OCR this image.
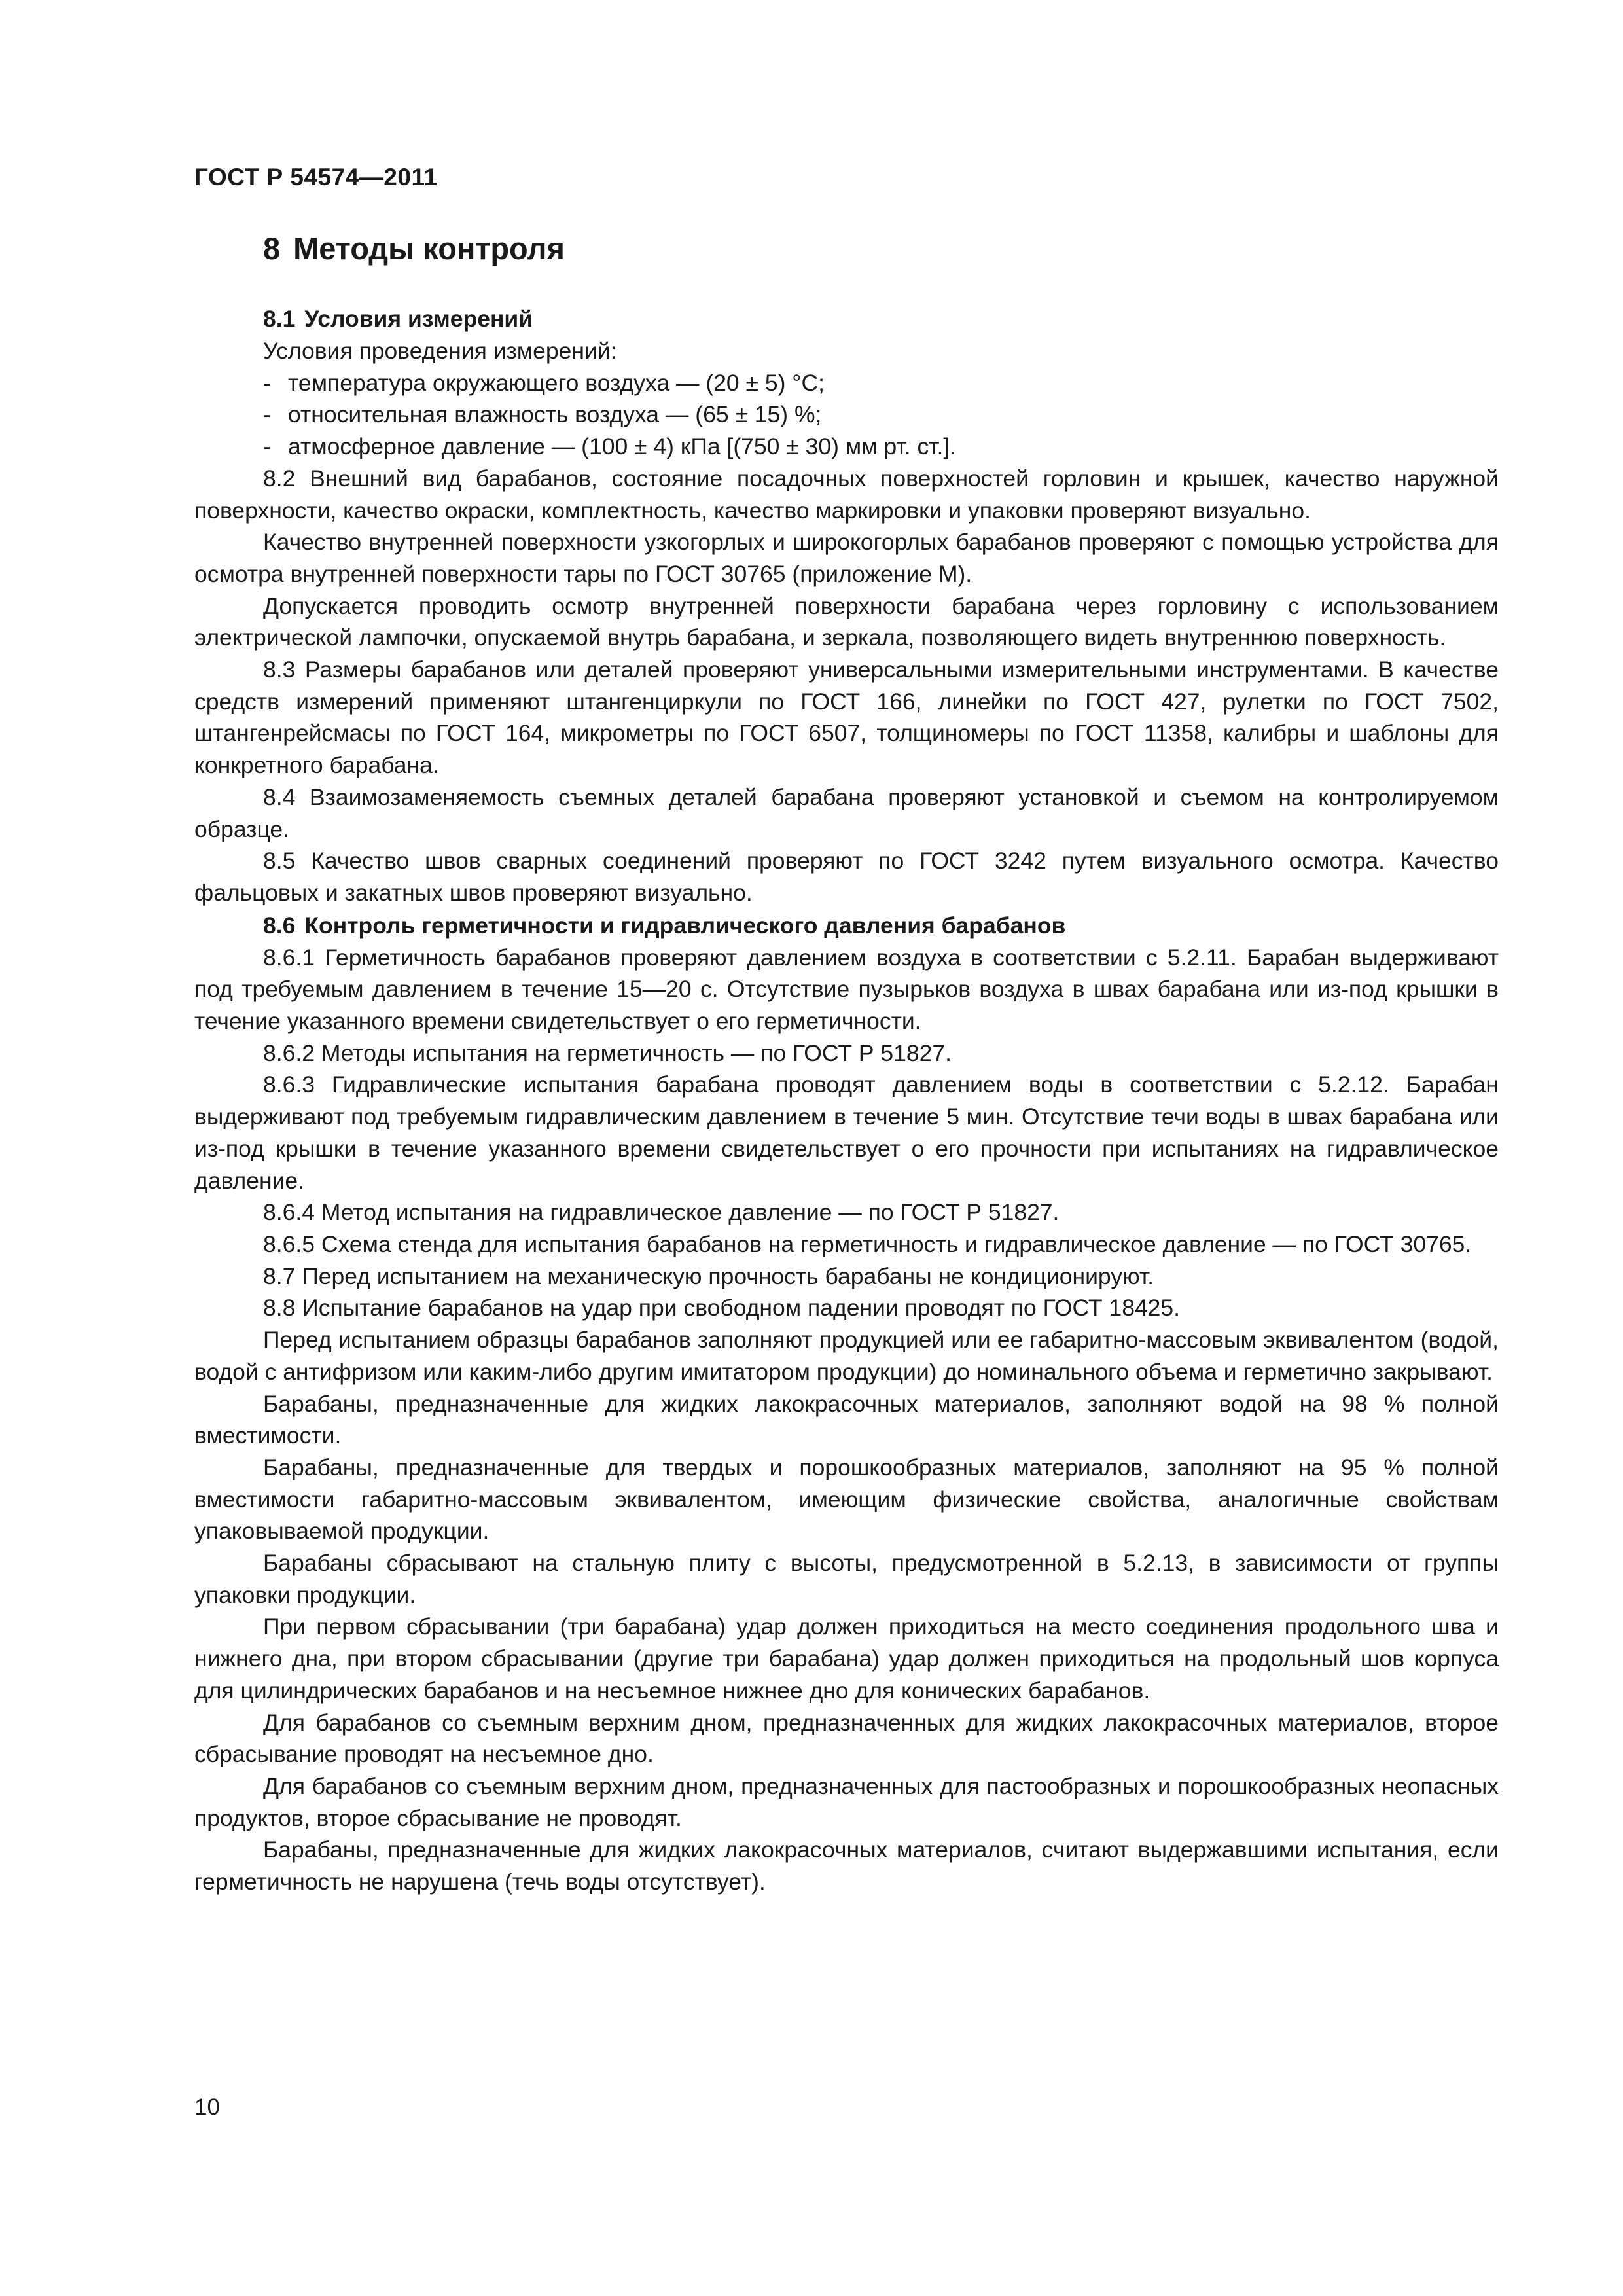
ГОСТ Р 54574—2011
8 Методы контроля
8.1 Условия измерений

Условия проведения измерений:

- температура окружающего воздуха — (20 ± 5) °С;
- относительная влажность воздуха — (65 ± 15) %;
- атмосферное давление — (100 ± 4) кПа [(750 ± 30) мм рт. ст.].

8.2 Внешний вид барабанов, состояние посадочных поверхностей горловин и крышек, качество наружной поверхности, качество окраски, комплектность, качество маркировки и упаковки проверяют визуально.

Качество внутренней поверхности узкогорлых и широкогорлых барабанов проверяют с помощью устройства для осмотра внутренней поверхности тары по ГОСТ 30765 (приложение М).

Допускается проводить осмотр внутренней поверхности барабана через горловину с использованием электрической лампочки, опускаемой внутрь барабана, и зеркала, позволяющего видеть внутреннюю поверхность.

8.3 Размеры барабанов или деталей проверяют универсальными измерительными инструментами. В качестве средств измерений применяют штангенциркули по ГОСТ 166, линейки по ГОСТ 427, рулетки по ГОСТ 7502, штангенрейсмасы по ГОСТ 164, микрометры по ГОСТ 6507, толщиномеры по ГОСТ 11358, калибры и шаблоны для конкретного барабана.

8.4 Взаимозаменяемость съемных деталей барабана проверяют установкой и съемом на контролируемом образце.

8.5 Качество швов сварных соединений проверяют по ГОСТ 3242 путем визуального осмотра. Качество фальцовых и закатных швов проверяют визуально.

8.6 Контроль герметичности и гидравлического давления барабанов

8.6.1 Герметичность барабанов проверяют давлением воздуха в соответствии с 5.2.11. Барабан выдерживают под требуемым давлением в течение 15—20 с. Отсутствие пузырьков воздуха в швах барабана или из-под крышки в течение указанного времени свидетельствует о его герметичности.

8.6.2 Методы испытания на герметичность — по ГОСТ Р 51827.

8.6.3 Гидравлические испытания барабана проводят давлением воды в соответствии с 5.2.12. Барабан выдерживают под требуемым гидравлическим давлением в течение 5 мин. Отсутствие течи воды в швах барабана или из-под крышки в течение указанного времени свидетельствует о его прочности при испытаниях на гидравлическое давление.

8.6.4 Метод испытания на гидравлическое давление — по ГОСТ Р 51827.

8.6.5 Схема стенда для испытания барабанов на герметичность и гидравлическое давление — по ГОСТ 30765.

8.7 Перед испытанием на механическую прочность барабаны не кондиционируют.

8.8 Испытание барабанов на удар при свободном падении проводят по ГОСТ 18425.

Перед испытанием образцы барабанов заполняют продукцией или ее габаритно-массовым эквивалентом (водой, водой с антифризом или каким-либо другим имитатором продукции) до номинального объема и герметично закрывают.

Барабаны, предназначенные для жидких лакокрасочных материалов, заполняют водой на 98 % полной вместимости.

Барабаны, предназначенные для твердых и порошкообразных материалов, заполняют на 95 % полной вместимости габаритно-массовым эквивалентом, имеющим физические свойства, аналогичные свойствам упаковываемой продукции.

Барабаны сбрасывают на стальную плиту с высоты, предусмотренной в 5.2.13, в зависимости от группы упаковки продукции.

При первом сбрасывании (три барабана) удар должен приходиться на место соединения продольного шва и нижнего дна, при втором сбрасывании (другие три барабана) удар должен приходиться на продольный шов корпуса для цилиндрических барабанов и на несъемное нижнее дно для конических барабанов.

Для барабанов со съемным верхним дном, предназначенных для жидких лакокрасочных материалов, второе сбрасывание проводят на несъемное дно.

Для барабанов со съемным верхним дном, предназначенных для пастообразных и порошкообразных неопасных продуктов, второе сбрасывание не проводят.

Барабаны, предназначенные для жидких лакокрасочных материалов, считают выдержавшими испытания, если герметичность не нарушена (течь воды отсутствует).

10
